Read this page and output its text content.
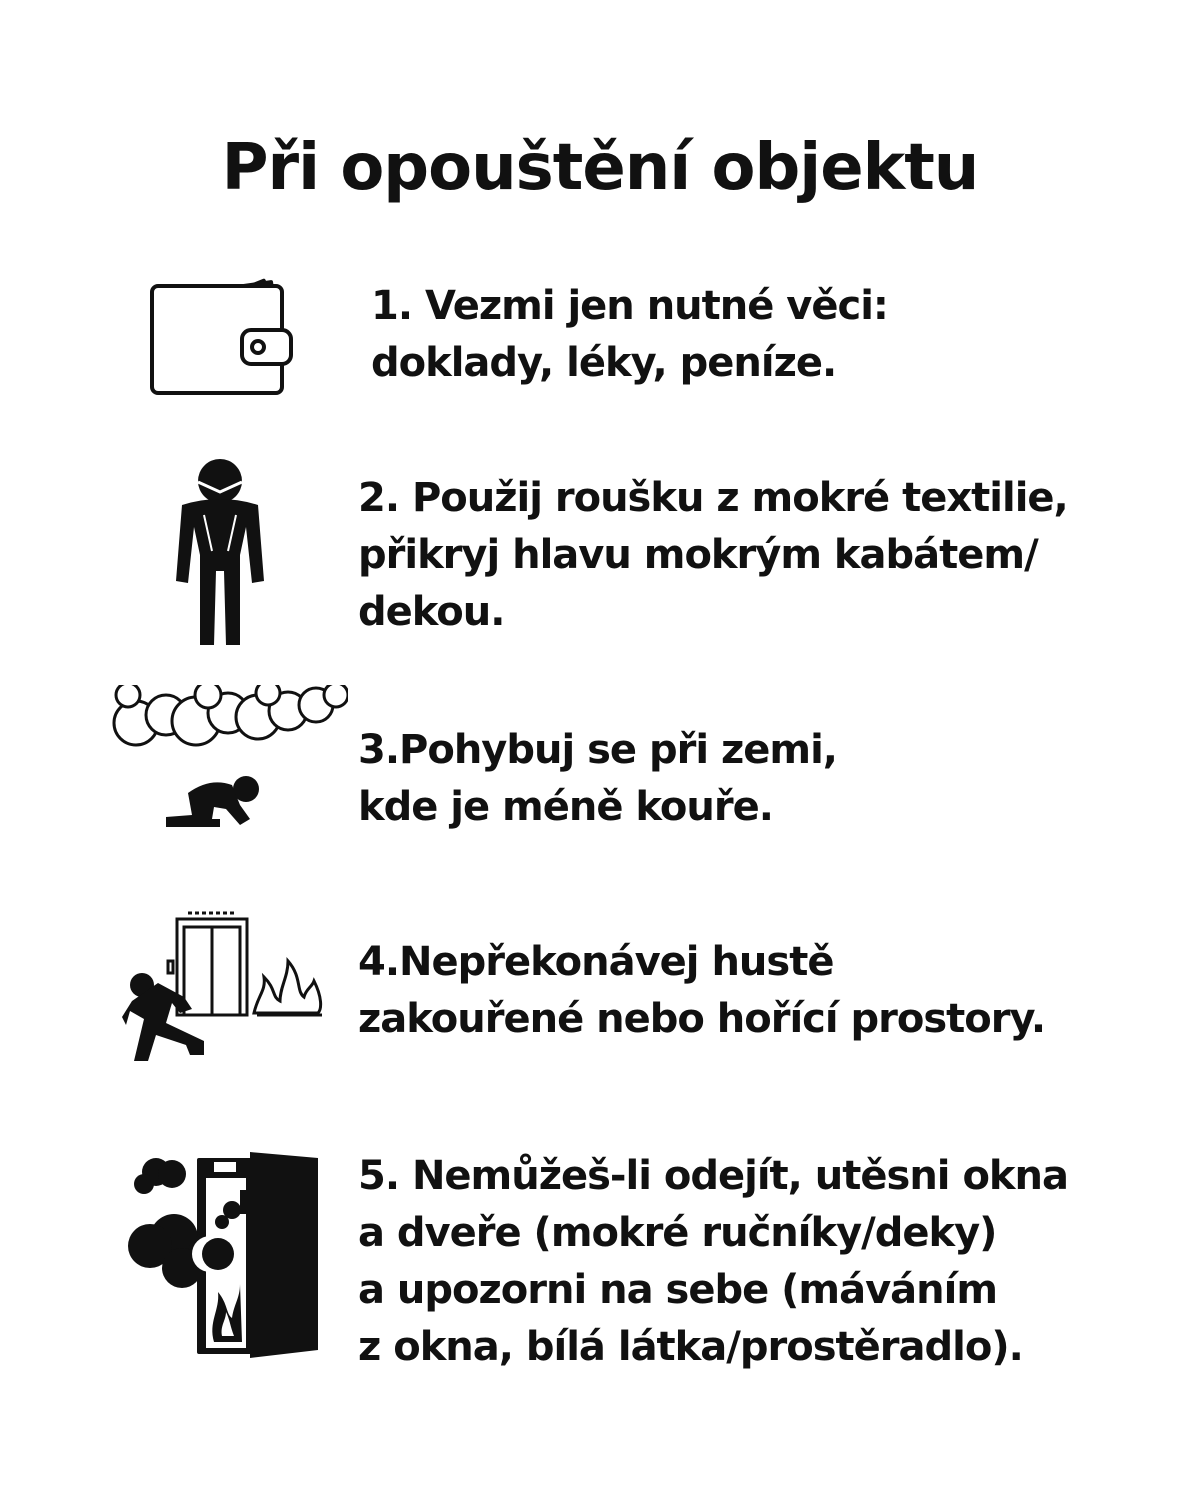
Při opouštění objektu

1. Vezmi jen nutné věci:
doklady, léky, peníze.

2. Použij roušku z mokré textilie,
přikryj hlavu mokrým kabátem/
dekou.

3.Pohybuj se při zemi,
kde je méně kouře.

4.Nepřekonávej hustě
zakouřené nebo hořící prostory.

5. Nemůžeš-li odejít, utěsni okna
a dveře (mokré ručníky/deky)
a upozorni na sebe (máváním
z okna, bílá látka/prostěradlo).
